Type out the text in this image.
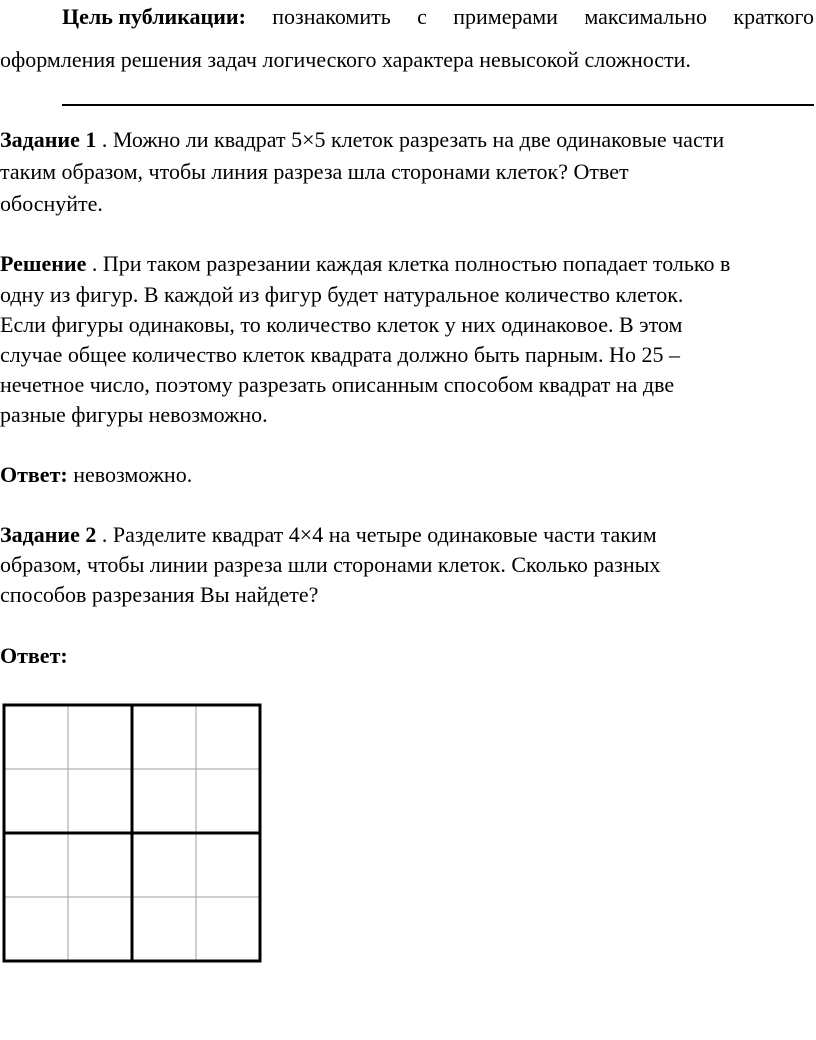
Цель публикации: познакомить с примерами максимально краткого
оформления решения задач логического характера невысокой сложности.
Задание 1 . Можно ли квадрат 5×5 клеток разрезать на две одинаковые части
таким образом, чтобы линия разреза шла сторонами клеток? Ответ
обоснуйте.
Решение . При таком разрезании каждая клетка полностью попадает только в
одну из фигур. В каждой из фигур будет натуральное количество клеток.
Если фигуры одинаковы, то количество клеток у них одинаковое. В этом
случае общее количество клеток квадрата должно быть парным. Но 25 –
нечетное число, поэтому разрезать описанным способом квадрат на две
разные фигуры невозможно.
Ответ: невозможно.
Задание 2 . Разделите квадрат 4×4 на четыре одинаковые части таким
образом, чтобы линии разреза шли сторонами клеток. Сколько разных
способов разрезания Вы найдете?
Ответ:
